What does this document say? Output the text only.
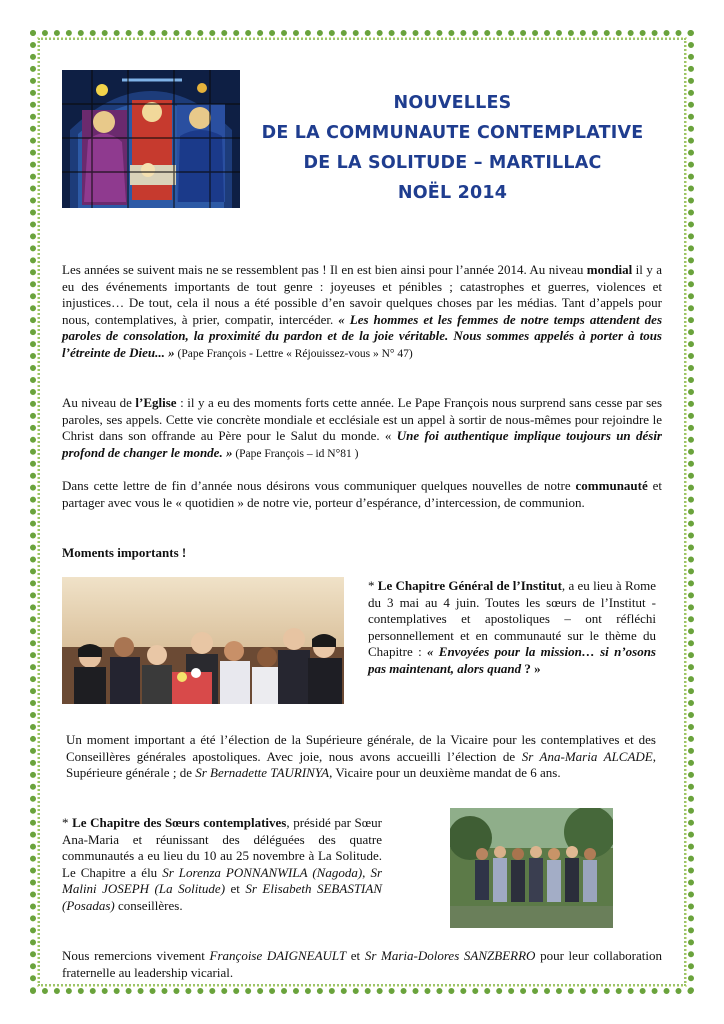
NOUVELLES
DE LA COMMUNAUTE CONTEMPLATIVE
DE LA SOLITUDE – MARTILLAC
NOËL 2014

Les années se suivent mais ne se ressemblent pas ! Il en est bien ainsi pour l’année 2014. Au niveau mondial il y a eu des événements importants de tout genre : joyeuses et pénibles ; catastrophes et guerres, violences et injustices… De tout, cela il nous a été possible d’en savoir quelques choses par les médias. Tant d’appels pour nous, contemplatives, à prier, compatir, intercéder. « Les hommes et les femmes de notre temps attendent des paroles de consolation, la proximité du pardon et de la joie véritable. Nous sommes appelés à porter à tous l’étreinte de Dieu... » (Pape François - Lettre « Réjouissez-vous » N° 47)

Au niveau de l’Eglise : il y a eu des moments forts cette année. Le Pape François nous surprend sans cesse par ses paroles, ses appels. Cette vie concrète mondiale et ecclésiale est un appel à sortir de nous-mêmes pour rejoindre le Christ dans son offrande au Père pour le Salut du monde. « Une foi authentique implique toujours un désir profond de changer le monde. » (Pape François – id N°81 )

Dans cette lettre de fin d’année nous désirons vous communiquer quelques nouvelles de notre communauté et partager avec vous le « quotidien » de notre vie, porteur d’espérance, d’intercession, de communion.

Moments importants !

* Le Chapitre Général de l’Institut, a eu lieu à Rome du 3 mai au 4 juin. Toutes les sœurs de l’Institut - contemplatives et apostoliques – ont réfléchi personnellement et en communauté sur le thème du Chapitre : « Envoyées pour la mission… si n’osons pas maintenant, alors quand ? »

Un moment important a été l’élection de la Supérieure générale, de la Vicaire pour les contemplatives et des Conseillères générales apostoliques. Avec joie, nous avons accueilli l’élection de Sr Ana-Maria ALCADE, Supérieure générale ; de Sr Bernadette TAURINYA, Vicaire pour un deuxième mandat de 6 ans.

* Le Chapitre des Sœurs contemplatives, présidé par Sœur Ana-Maria et réunissant des déléguées des quatre communautés a eu lieu du 10 au 25 novembre à La Solitude. Le Chapitre a élu Sr Lorenza PONNANWILA (Nagoda), Sr Malini JOSEPH (La Solitude) et Sr Elisabeth SEBASTIAN (Posadas) conseillères.

Nous remercions vivement Françoise DAIGNEAULT et Sr Maria-Dolores SANZBERRO pour leur collaboration fraternelle au leadership vicarial.
